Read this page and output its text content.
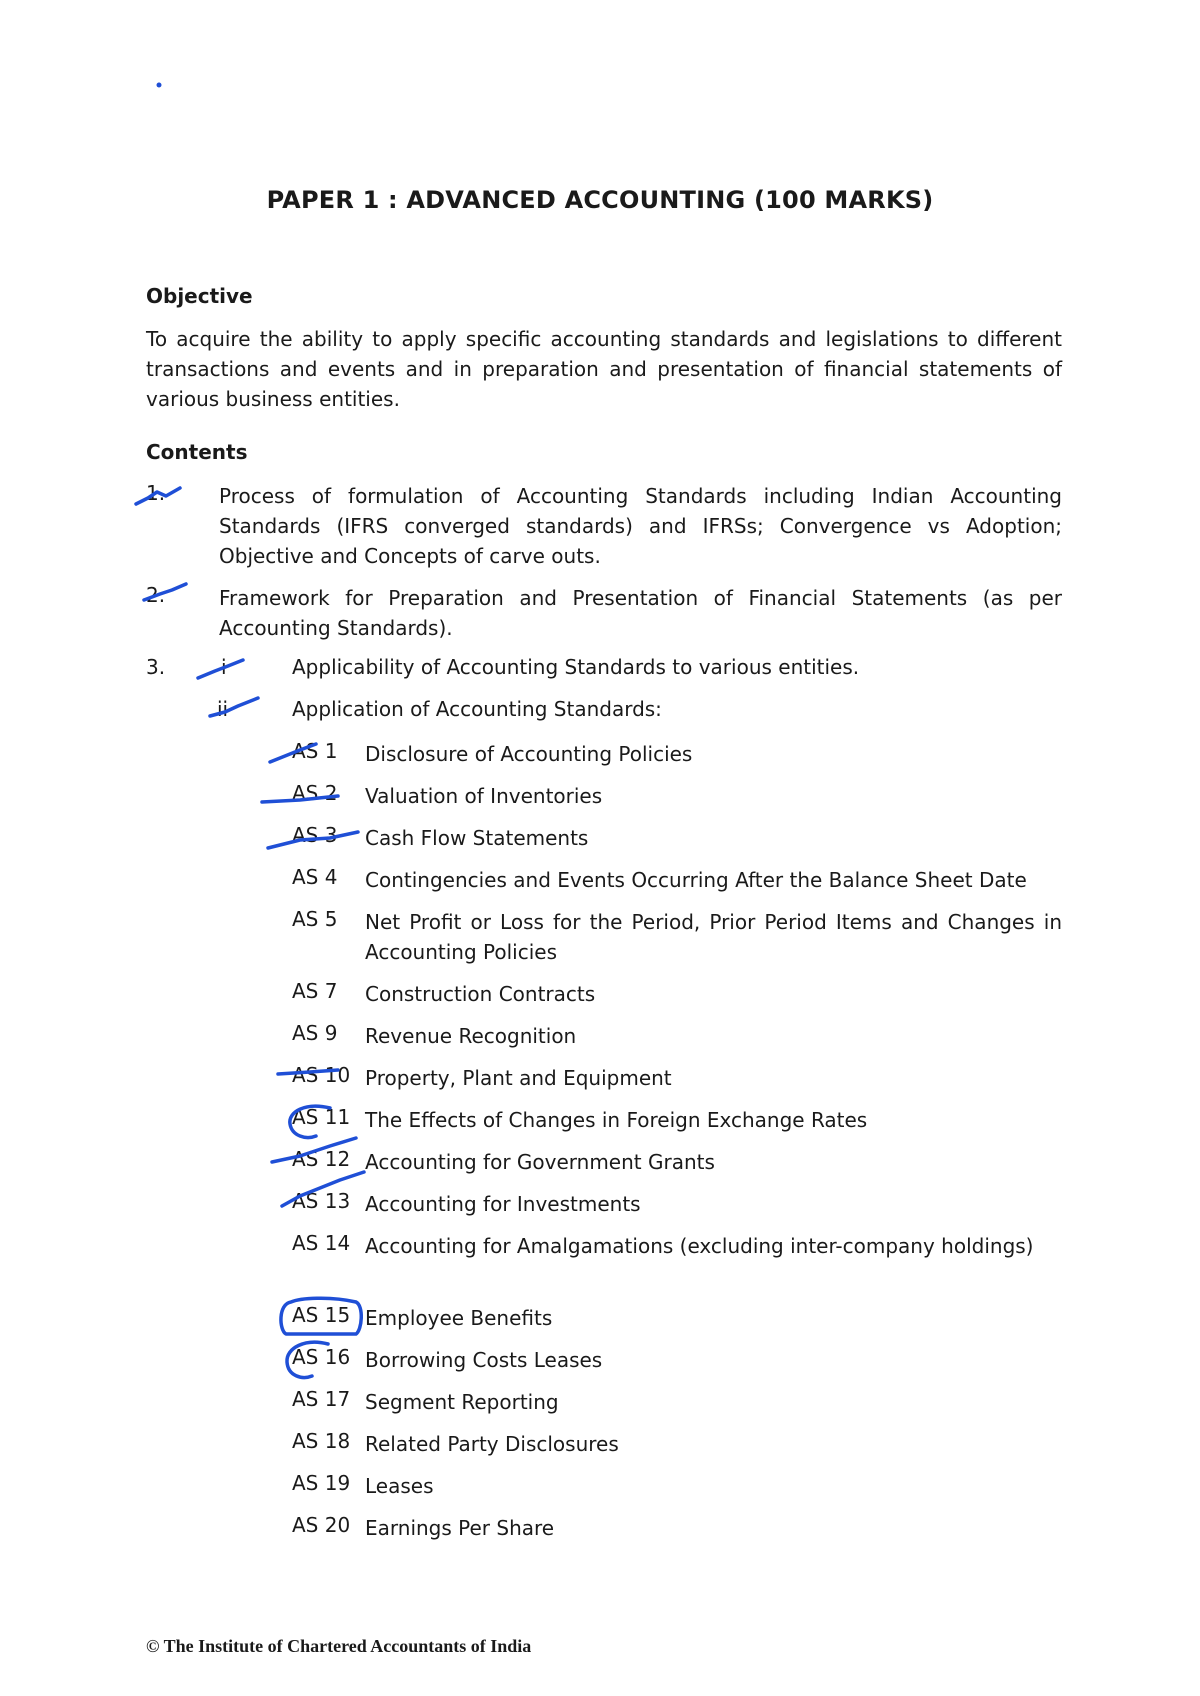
PAPER 1 : ADVANCED ACCOUNTING (100 MARKS)
Objective
To acquire the ability to apply specific accounting standards and legislations to different transactions and events and in preparation and presentation of financial statements of various business entities.
Contents
1.	Process of formulation of Accounting Standards including Indian Accounting Standards (IFRS converged standards) and IFRSs; Convergence vs Adoption; Objective and Concepts of carve outs.
2.	Framework for Preparation and Presentation of Financial Statements (as per Accounting Standards).
3.	i	Applicability of Accounting Standards to various entities.
ii	Application of Accounting Standards:
AS 1 Disclosure of Accounting Policies
AS 2 Valuation of Inventories
AS 3 Cash Flow Statements
AS 4 Contingencies and Events Occurring After the Balance Sheet Date
AS 5 Net Profit or Loss for the Period, Prior Period Items and Changes in Accounting Policies
AS 7 Construction Contracts
AS 9 Revenue Recognition
AS 10 Property, Plant and Equipment
AS 11 The Effects of Changes in Foreign Exchange Rates
AS 12 Accounting for Government Grants
AS 13 Accounting for Investments
AS 14 Accounting for Amalgamations (excluding inter-company holdings)
AS 15 Employee Benefits
AS 16 Borrowing Costs Leases
AS 17 Segment Reporting
AS 18 Related Party Disclosures
AS 19 Leases
AS 20 Earnings Per Share
© The Institute of Chartered Accountants of India
